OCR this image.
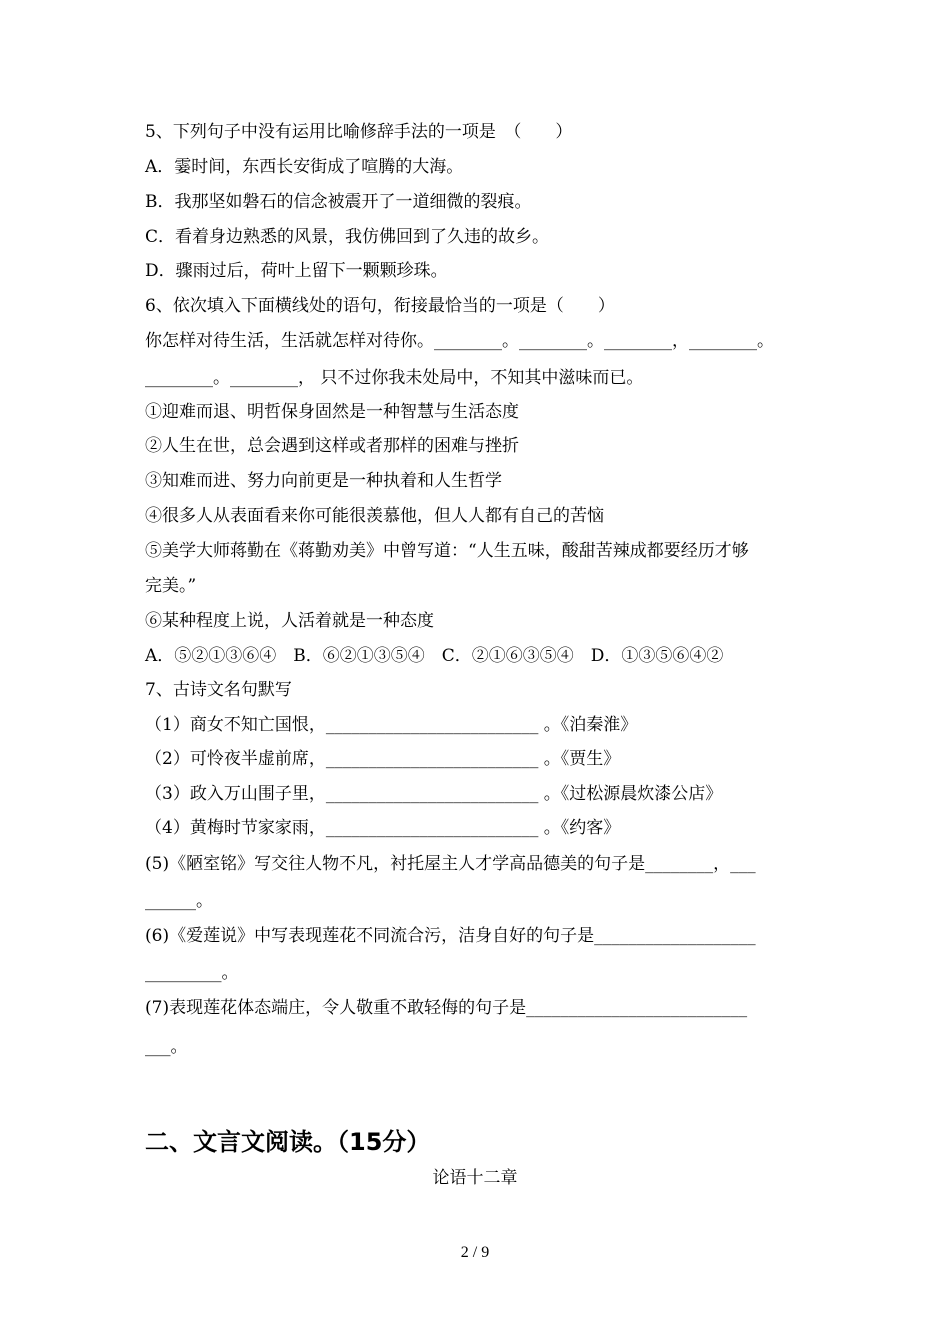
5、下列句子中没有运用比喻修辞手法的一项是　（　　）
A．霎时间，东西长安街成了喧腾的大海。
B．我那坚如磐石的信念被震开了一道细微的裂痕。
C．看着身边熟悉的风景，我仿佛回到了久违的故乡。
D．骤雨过后，荷叶上留下一颗颗珍珠。
6、依次填入下面横线处的语句，衔接最恰当的一项是（　　）
你怎样对待生活，生活就怎样对待你。________。________。________，________。
________。________， 只不过你我未处局中，不知其中滋味而已。
①迎难而退、明哲保身固然是一种智慧与生活态度
②人生在世，总会遇到这样或者那样的困难与挫折
③知难而进、努力向前更是一种执着和人生哲学
④很多人从表面看来你可能很羡慕他，但人人都有自己的苦恼
⑤美学大师蒋勤在《蒋勤劝美》中曾写道：“人生五味，酸甜苦辣成都要经历才够
完美。”
⑥某种程度上说，人活着就是一种态度
A．⑤②①③⑥④　B．⑥②①③⑤④　C．②①⑥③⑤④　D．①③⑤⑥④②
7、古诗文名句默写
（1）商女不知亡国恨，_________________________ 。《泊秦淮》
（2）可怜夜半虚前席，_________________________ 。《贾生》
（3）政入万山围子里，_________________________ 。《过松源晨炊漆公店》
（4）黄梅时节家家雨，_________________________ 。《约客》
(5)《陋室铭》写交往人物不凡，衬托屋主人才学高品德美的句子是________，___
______。
(6)《爱莲说》中写表现莲花不同流合污，洁身自好的句子是___________________
_________。
(7)表现莲花体态端庄，令人敬重不敢轻侮的句子是__________________________
___。
二、文言文阅读。（15分）
论语十二章
2 / 9
